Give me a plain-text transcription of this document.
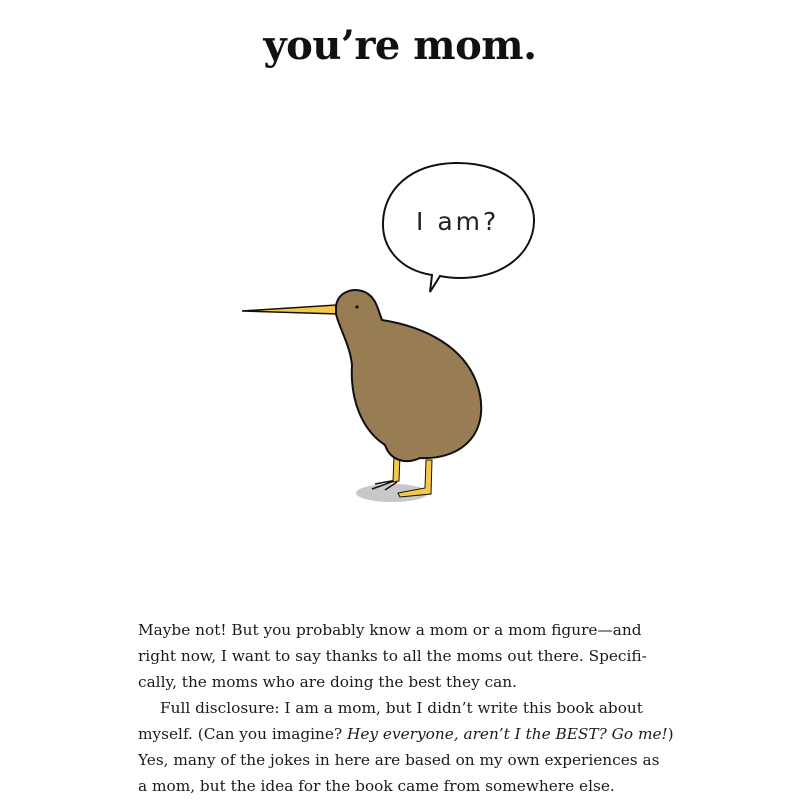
you’re mom.
I am?
Maybe not! But you probably know a mom or a mom figure—and
right now, I want to say thanks to all the moms out there. Specifi-
cally, the moms who are doing the best they can.
Full disclosure: I am a mom, but I didn’t write this book about
myself. (Can you imagine? Hey everyone, aren’t I the BEST? Go me!)
Yes, many of the jokes in here are based on my own experiences as
a mom, but the idea for the book came from somewhere else.
